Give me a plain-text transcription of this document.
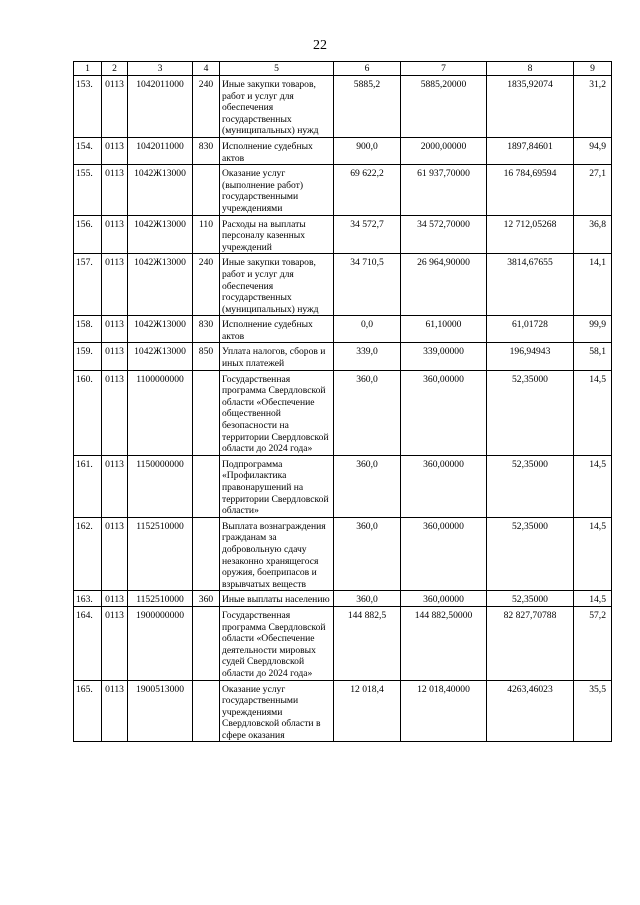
22
1	2	3	4	5	6	7	8	9
153.	0113	1042011000	240	Иные закупки товаров, работ и услуг для обеспечения государственных (муниципальных) нужд	5885,2	5885,20000	1835,92074	31,2
154.	0113	1042011000	830	Исполнение судебных актов	900,0	2000,00000	1897,84601	94,9
155.	0113	1042Ж13000		Оказание услуг (выполнение работ) государственными учреждениями	69 622,2	61 937,70000	16 784,69594	27,1
156.	0113	1042Ж13000	110	Расходы на выплаты персоналу казенных учреждений	34 572,7	34 572,70000	12 712,05268	36,8
157.	0113	1042Ж13000	240	Иные закупки товаров, работ и услуг для обеспечения государственных (муниципальных) нужд	34 710,5	26 964,90000	3814,67655	14,1
158.	0113	1042Ж13000	830	Исполнение судебных актов	0,0	61,10000	61,01728	99,9
159.	0113	1042Ж13000	850	Уплата налогов, сборов и иных платежей	339,0	339,00000	196,94943	58,1
160.	0113	1100000000		Государственная программа Свердловской области «Обеспечение общественной безопасности на территории Свердловской области до 2024 года»	360,0	360,00000	52,35000	14,5
161.	0113	1150000000		Подпрограмма «Профилактика правонарушений на территории Свердловской области»	360,0	360,00000	52,35000	14,5
162.	0113	1152510000		Выплата вознаграждения гражданам за добровольную сдачу незаконно хранящегося оружия, боеприпасов и взрывчатых веществ	360,0	360,00000	52,35000	14,5
163.	0113	1152510000	360	Иные выплаты населению	360,0	360,00000	52,35000	14,5
164.	0113	1900000000		Государственная программа Свердловской области «Обеспечение деятельности мировых судей Свердловской области до 2024 года»	144 882,5	144 882,50000	82 827,70788	57,2
165.	0113	1900513000		Оказание услуг государственными учреждениями Свердловской области в сфере оказания	12 018,4	12 018,40000	4263,46023	35,5
